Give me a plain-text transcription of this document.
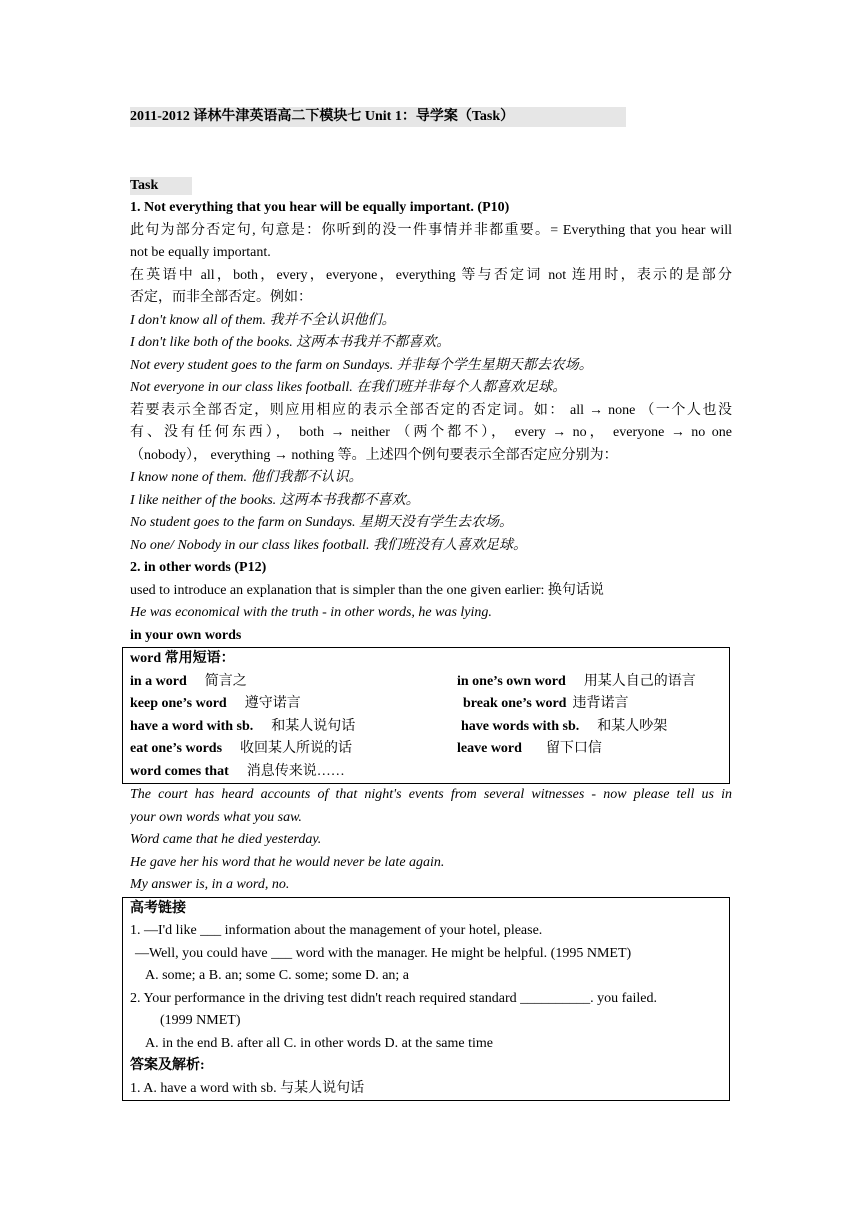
2011-2012 译林牛津英语高二下模块七 Unit 1：导学案（Task）
Task
1. Not everything that you hear will be equally important. (P10)
此句为部分否定句, 句意是：你听到的没一件事情并非都重要。= Everything that you hear will
not be equally important.
在英语中 all，both，every，everyone，everything 等与否定词 not 连用时，表示的是部分
否定，而非全部否定。例如：
I don't know all of them. 我并不全认识他们。
I don't like both of the books. 这两本书我并不都喜欢。
Not every student goes to the farm on Sundays. 并非每个学生星期天都去农场。
Not everyone in our class likes football. 在我们班并非每个人都喜欢足球。
若要表示全部否定，则应用相应的表示全部否定的否定词。如： all → none （一个人也没
有、没有任何东西）， both → neither （两个都不）， every → no， everyone → no one
（nobody）， everything → nothing 等。上述四个例句要表示全部否定应分别为：
I know none of them. 他们我都不认识。
I like neither of the books. 这两本书我都不喜欢。
No student goes to the farm on Sundays. 星期天没有学生去农场。
No one/ Nobody in our class likes football. 我们班没有人喜欢足球。
2. in other words (P12)
used to introduce an explanation that is simpler than the one given earlier: 换句话说
He was economical with the truth - in other words, he was lying.
in your own words
word 常用短语：
in a word 简言之	in one’s own word 用某人自己的语言
keep one’s word 遵守诺言	break one’s word 违背诺言
have a word with sb. 和某人说句话	have words with sb. 和某人吵架
eat one’s words 收回某人所说的话	leave word 留下口信
word comes that 消息传来说……
The court has heard accounts of that night's events from several witnesses - now please tell us in
your own words what you saw.
Word came that he died yesterday.
He gave her his word that he would never be late again.
My answer is, in a word, no.
高考链接
1. —I'd like ___ information about the management of your hotel, please.
—Well, you could have ___ word with the manager. He might be helpful. (1995 NMET)
A. some; a B. an; some C. some; some D. an; a
2. Your performance in the driving test didn't reach required standard __________. you failed.
(1999 NMET)
A. in the end B. after all C. in other words D. at the same time
答案及解析:
1. A. have a word with sb. 与某人说句话
